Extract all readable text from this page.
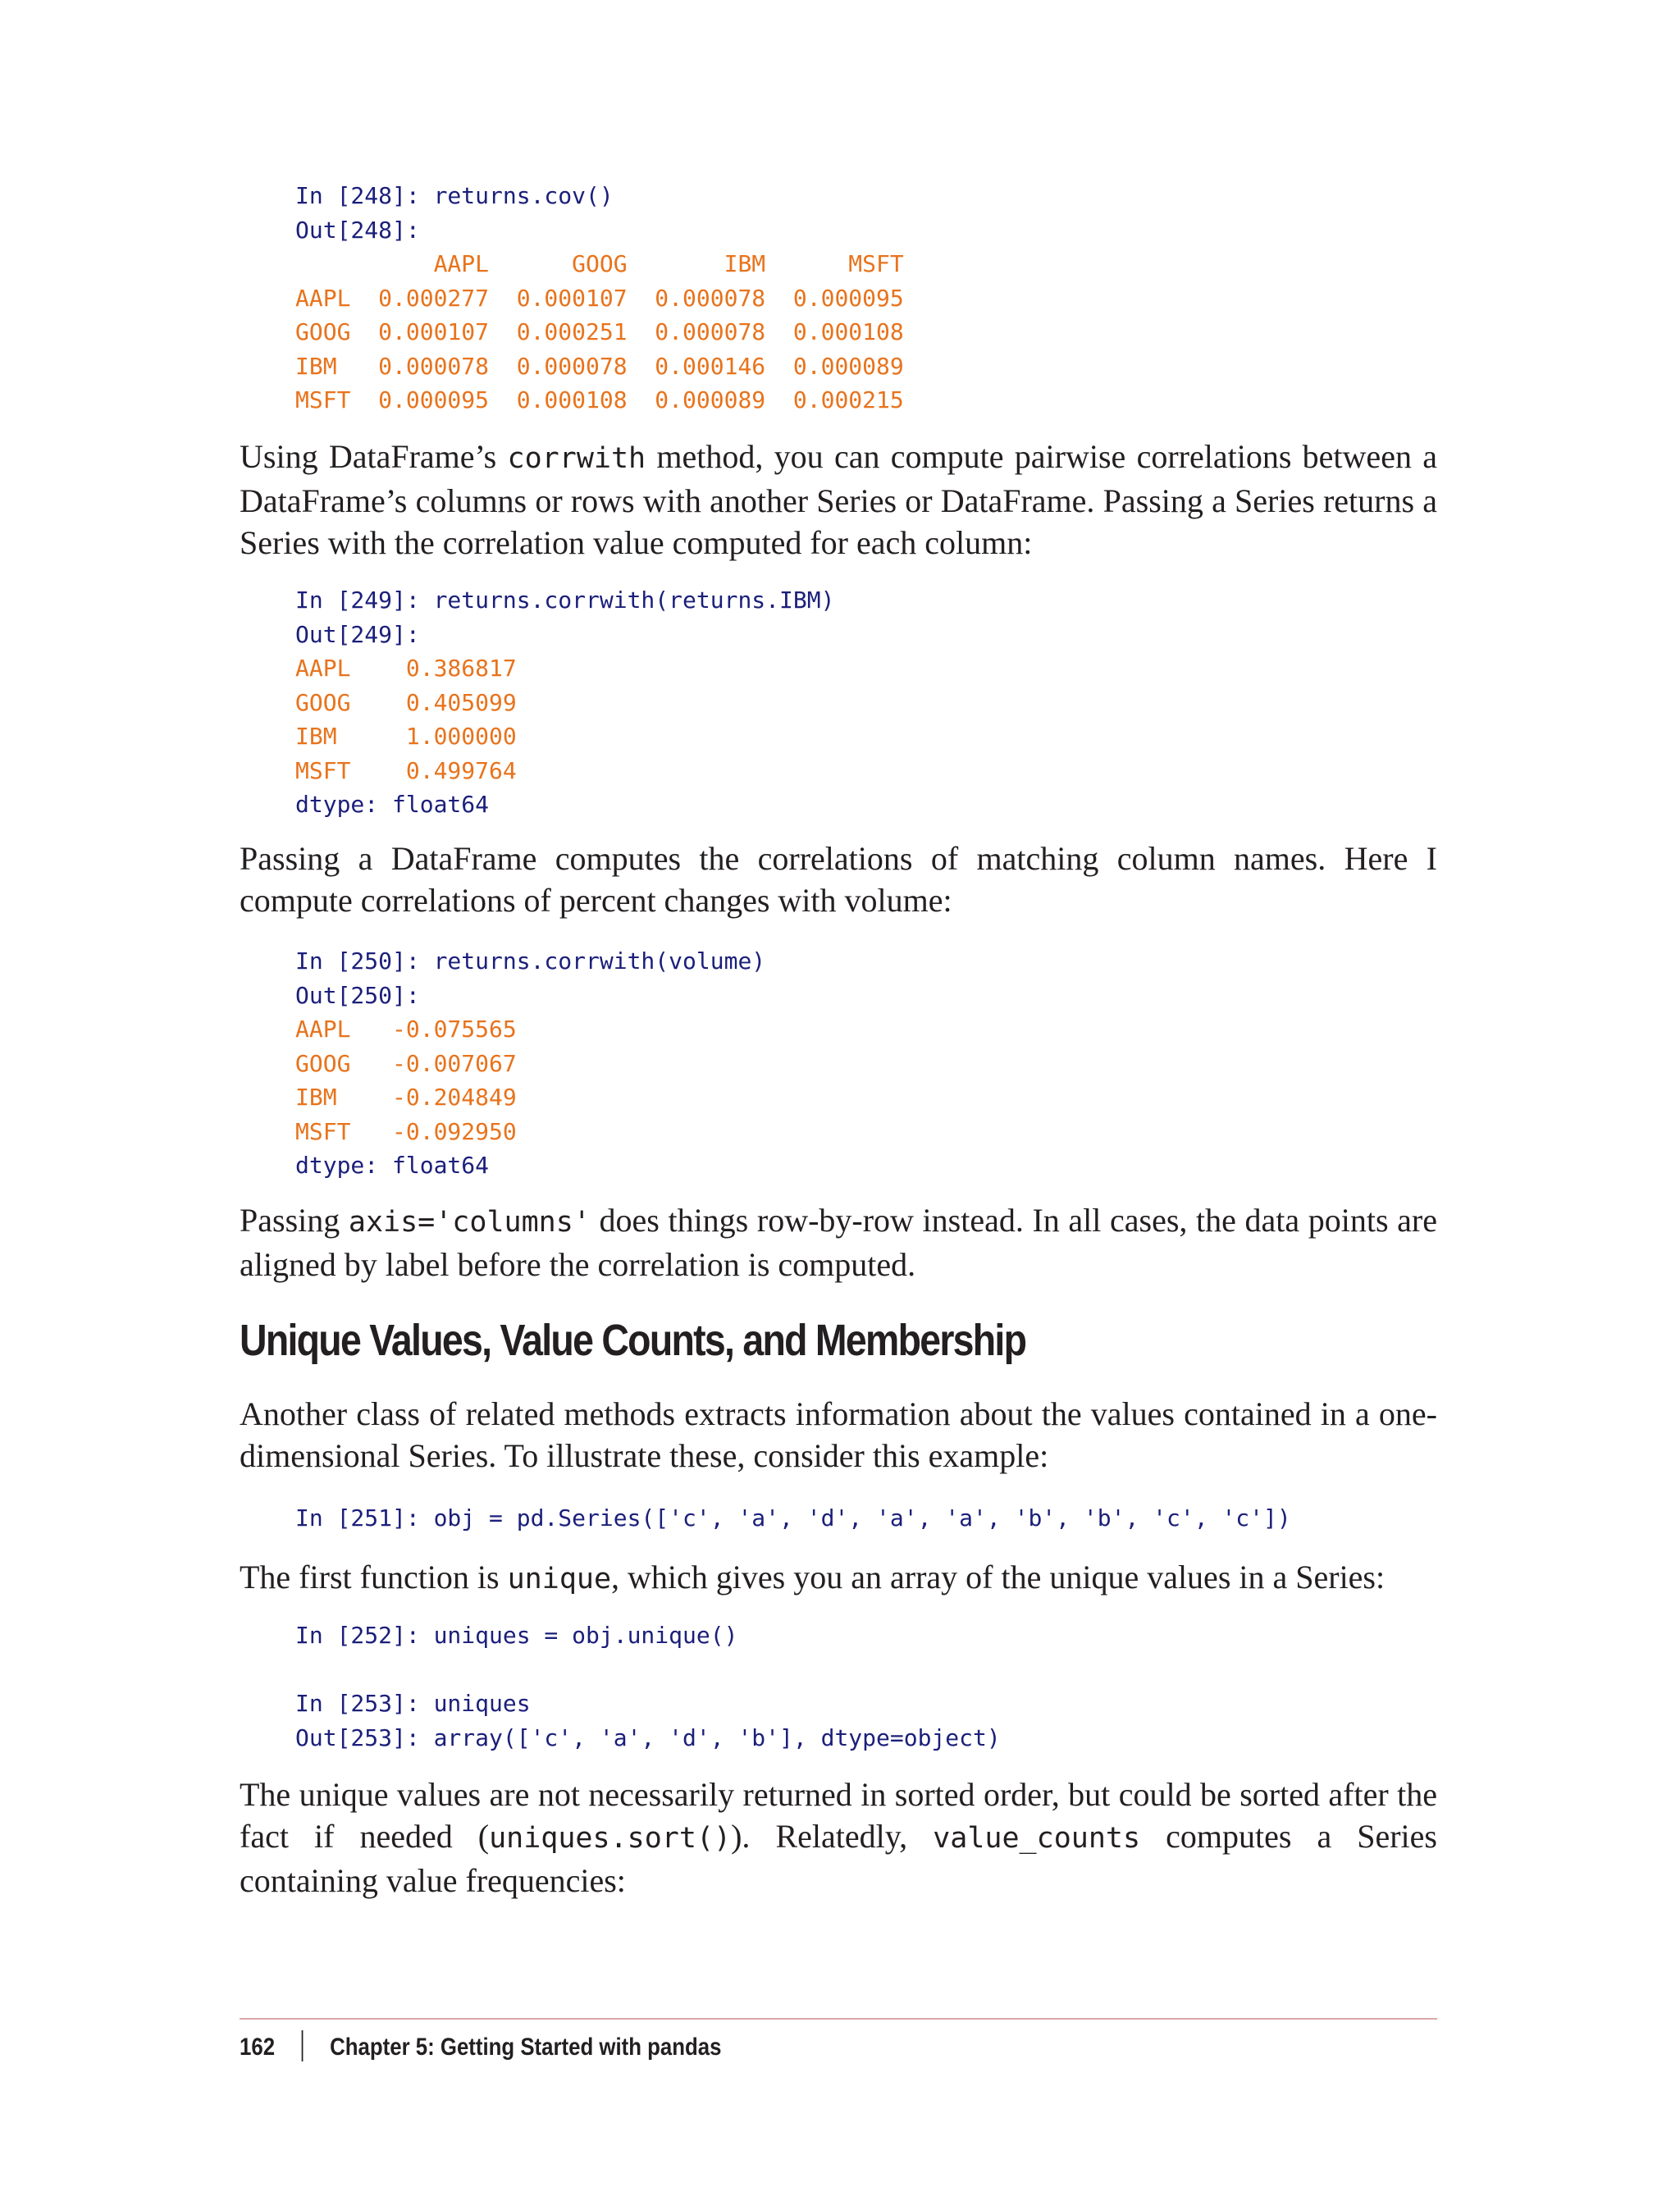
In [248]: returns.cov()
Out[248]:
AAPL      GOOG       IBM      MSFT
AAPL  0.000277  0.000107  0.000078  0.000095
GOOG  0.000107  0.000251  0.000078  0.000108
IBM   0.000078  0.000078  0.000146  0.000089
MSFT  0.000095  0.000108  0.000089  0.000215

Using DataFrame’s corrwith method, you can compute pairwise correlations between a DataFrame’s columns or rows with another Series or DataFrame. Passing a Series returns a Series with the correlation value computed for each column:

In [249]: returns.corrwith(returns.IBM)
Out[249]:
AAPL    0.386817
GOOG    0.405099
IBM     1.000000
MSFT    0.499764
dtype: float64

Passing a DataFrame computes the correlations of matching column names. Here I compute correlations of percent changes with volume:

In [250]: returns.corrwith(volume)
Out[250]:
AAPL   -0.075565
GOOG   -0.007067
IBM    -0.204849
MSFT   -0.092950
dtype: float64

Passing axis='columns' does things row-by-row instead. In all cases, the data points are aligned by label before the correlation is computed.

Unique Values, Value Counts, and Membership

Another class of related methods extracts information about the values contained in a one-dimensional Series. To illustrate these, consider this example:

In [251]: obj = pd.Series(['c', 'a', 'd', 'a', 'a', 'b', 'b', 'c', 'c'])

The first function is unique, which gives you an array of the unique values in a Series:

In [252]: uniques = obj.unique()

In [253]: uniques
Out[253]: array(['c', 'a', 'd', 'b'], dtype=object)

The unique values are not necessarily returned in sorted order, but could be sorted after the fact if needed (uniques.sort()). Relatedly, value_counts computes a Series containing value frequencies:

162 Chapter 5: Getting Started with pandas
